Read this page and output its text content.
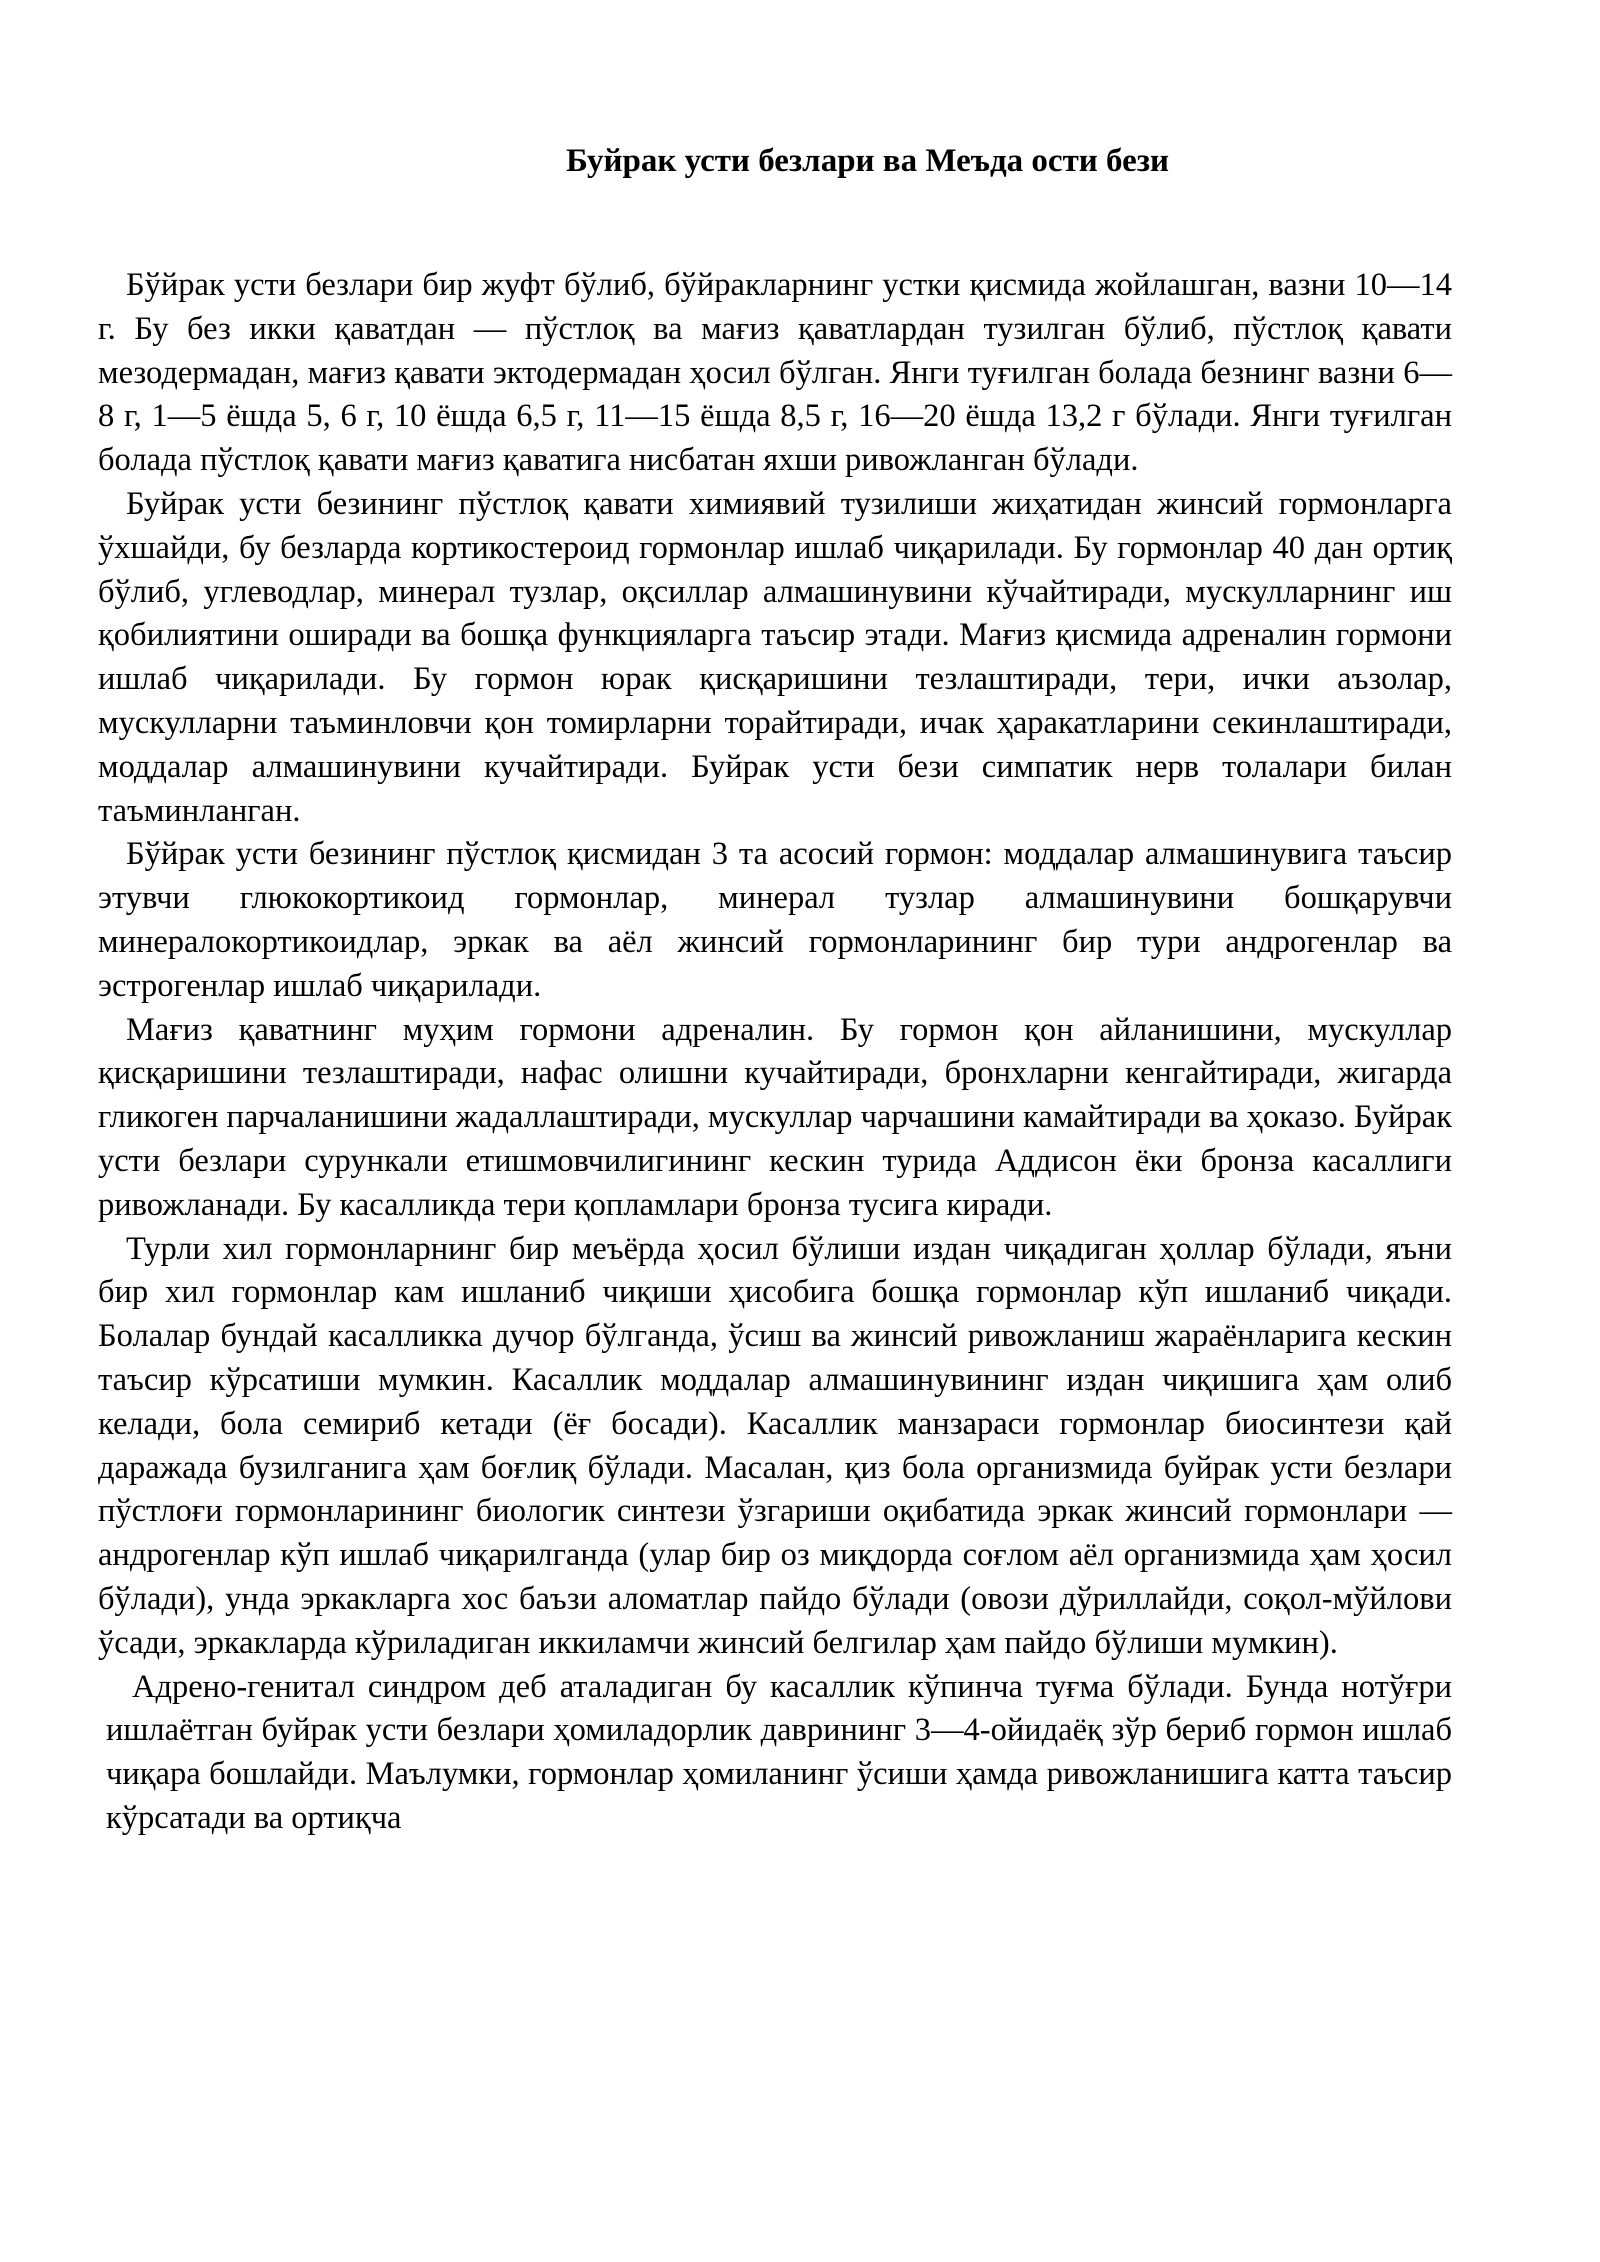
Буйрак усти безлари ва Меъда ости бези

Бўйрак усти безлари бир жуфт бўлиб, бўйракларнинг устки қисмида жойлашган, вазни 10—14 г. Бу без икки қаватдан — пўстлоқ ва мағиз қаватлардан тузилган бўлиб, пўстлоқ қавати мезодермадан, мағиз қавати эктодермадан ҳосил бўлган. Янги туғилган болада безнинг вазни 6—8 г, 1—5 ёшда 5, 6 г, 10 ёшда 6,5 г, 11—15 ёшда 8,5 г, 16—20 ёшда 13,2 г бўлади. Янги туғилган болада пўстлоқ қавати мағиз қаватига нисбатан яхши ривожланган бўлади.

Буйрак усти безининг пўстлоқ қавати химиявий тузилиши жиҳатидан жинсий гормонларга ўхшайди, бу безларда кортикостероид гормонлар ишлаб чиқарилади. Бу гормонлар 40 дан ортиқ бўлиб, углеводлар, минерал тузлар, оқсиллар алмашинувини кўчайтиради, мускулларнинг иш қобилиятини оширади ва бошқа функцияларга таъсир этади. Мағиз қисмида адреналин гормони ишлаб чиқарилади. Бу гормон юрак қисқаришини тезлаштиради, тери, ички аъзолар, мускулларни таъминловчи қон томирларни торайтиради, ичак ҳаракатларини секинлаштиради, моддалар алмашинувини кучайтиради. Буйрак усти бези симпатик нерв толалари билан таъминланган.

Бўйрак усти безининг пўстлоқ қисмидан 3 та асосий гормон: моддалар алмашинувига таъсир этувчи глюкокортикоид гормонлар, минерал тузлар алмашинувини бошқарувчи минералокортикоидлар, эркак ва аёл жинсий гормонларининг бир тури андрогенлар ва эстрогенлар ишлаб чиқарилади.

Мағиз қаватнинг муҳим гормони адреналин. Бу гормон қон айланишини, мускуллар қисқаришини тезлаштиради, нафас олишни кучайтиради, бронхларни кенгайтиради, жигарда гликоген парчаланишини жадаллаштиради, мускуллар чарчашини камайтиради ва ҳоказо. Буйрак усти безлари сурункали етишмовчилигининг кескин турида Аддисон ёки бронза касаллиги ривожланади. Бу касалликда тери қопламлари бронза тусига киради.

Турли хил гормонларнинг бир меъёрда ҳосил бўлиши издан чиқадиган ҳоллар бўлади, яъни бир хил гормонлар кам ишланиб чиқиши ҳисобига бошқа гормонлар кўп ишланиб чиқади. Болалар бундай касалликка дучор бўлганда, ўсиш ва жинсий ривожланиш жараёнларига кескин таъсир кўрсатиши мумкин. Касаллик моддалар алмашинувининг издан чиқишига ҳам олиб келади, бола семириб кетади (ёғ босади). Касаллик манзараси гормонлар биосинтези қай даражада бузилганига ҳам боғлиқ бўлади. Масалан, қиз бола организмида буйрак усти безлари пўстлоғи гормонларининг биологик синтези ўзгариши оқибатида эркак жинсий гормонлари — андрогенлар кўп ишлаб чиқарилганда (улар бир оз миқдорда соғлом аёл организмида ҳам ҳосил бўлади), унда эркакларга хос баъзи аломатлар пайдо бўлади (овози дўриллайди, соқол-мўйлови ўсади, эркакларда кўриладиган иккиламчи жинсий белгилар ҳам пайдо бўлиши мумкин).

Адрено-генитал синдром деб аталадиган бу касаллик кўпинча туғма бўлади. Бунда нотўғри ишлаётган буйрак усти безлари ҳомиладорлик даврининг 3—4-ойидаёқ зўр бериб гормон ишлаб чиқара бошлайди. Маълумки, гормонлар ҳомиланинг ўсиши ҳамда ривожланишига катта таъсир кўрсатади ва ортиқча
